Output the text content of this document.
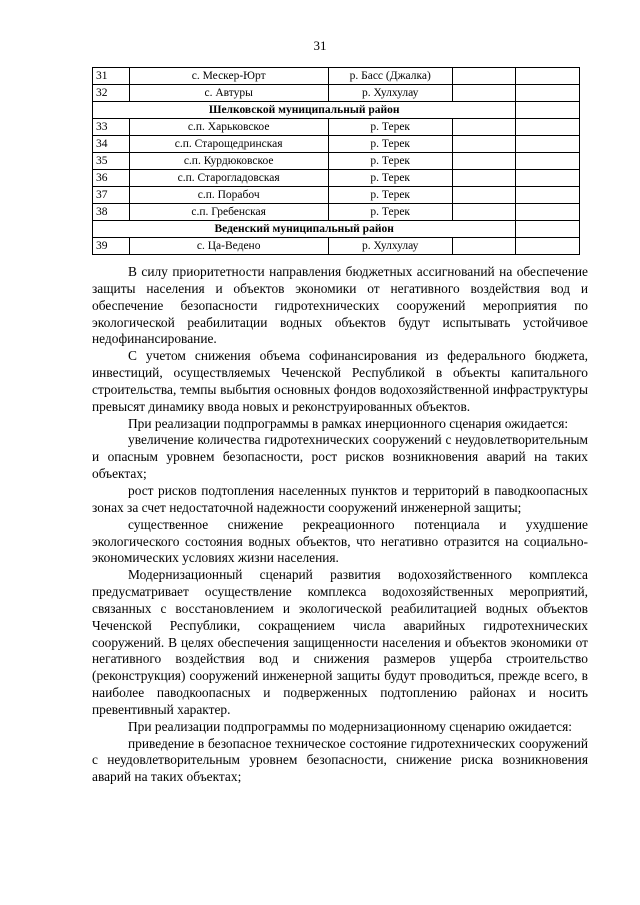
31
31	с. Мескер-Юрт	р. Басс (Джалка)		
32	с. Автуры	р. Хулхулау		
Шелковской муниципальный район				
33	с.п. Харьковское	р. Терек		
34	с.п. Старощедринская	р. Терек		
35	с.п. Курдюковское	р. Терек		
36	с.п. Старогладовская	р. Терек		
37	с.п. Порабоч	р. Терек		
38	с.п. Гребенская	р. Терек		
Веденский муниципальный район				
39	с. Ца-Ведено	р. Хулхулау		

В силу приоритетности направления бюджетных ассигнований на обеспечение защиты населения и объектов экономики от негативного воздействия вод и обеспечение безопасности гидротехнических сооружений мероприятия по экологической реабилитации водных объектов будут испытывать устойчивое недофинансирование.

С учетом снижения объема софинансирования из федерального бюджета, инвестиций, осуществляемых Чеченской Республикой в объекты капитального строительства, темпы выбытия основных фондов водохозяйственной инфраструктуры превысят динамику ввода новых и реконструированных объектов.

При реализации подпрограммы в рамках инерционного сценария ожидается:

увеличение количества гидротехнических сооружений с неудовлетворительным и опасным уровнем безопасности, рост рисков возникновения аварий на таких объектах;

рост рисков подтопления населенных пунктов и территорий в паводкоопасных зонах за счет недостаточной надежности сооружений инженерной защиты;

существенное снижение рекреационного потенциала и ухудшение экологического состояния водных объектов, что негативно отразится на социально-экономических условиях жизни населения.

Модернизационный сценарий развития водохозяйственного комплекса предусматривает осуществление комплекса водохозяйственных мероприятий, связанных с восстановлением и экологической реабилитацией водных объектов Чеченской Республики, сокращением числа аварийных гидротехнических сооружений. В целях обеспечения защищенности населения и объектов экономики от негативного воздействия вод и снижения размеров ущерба строительство (реконструкция) сооружений инженерной защиты будут проводиться, прежде всего, в наиболее паводкоопасных и подверженных подтоплению районах и носить превентивный характер.

При реализации подпрограммы по модернизационному сценарию ожидается:

приведение в безопасное техническое состояние гидротехнических сооружений с неудовлетворительным уровнем безопасности, снижение риска возникновения аварий на таких объектах;
